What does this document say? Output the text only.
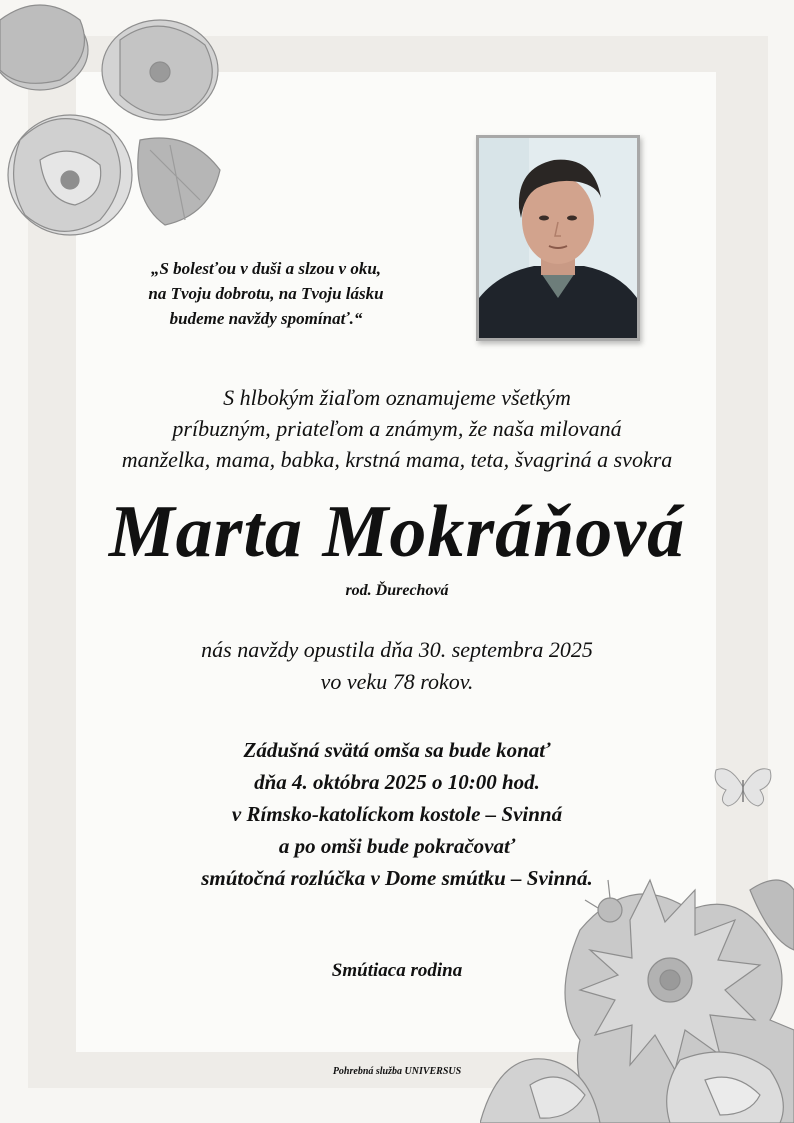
„S bolesťou v duši a slzou v oku,
na Tvoju dobrotu, na Tvoju lásku
budeme navždy spomínať.“
S hlbokým žiaľom oznamujeme všetkým
príbuzným, priateľom a známym, že naša milovaná
manželka, mama, babka, krstná mama, teta, švagriná a svokra
Marta Mokráňová
rod. Ďurechová
nás navždy opustila dňa 30. septembra 2025
vo veku 78 rokov.
Zádušná svätá omša sa bude konať
dňa 4. októbra 2025 o 10:00 hod.
v Rímsko-katolíckom kostole – Svinná
a po omši bude pokračovať
smútočná rozlúčka v Dome smútku – Svinná.
Smútiaca rodina
Pohrebná služba UNIVERSUS
